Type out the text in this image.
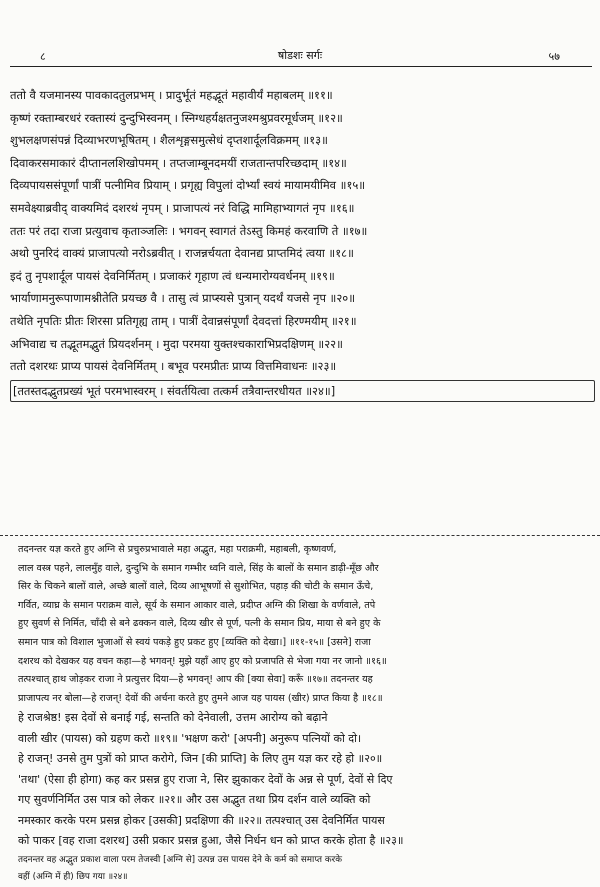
८	षोडशः सर्गः	५७
ततो वै यजमानस्य पावकादतुलप्रभम् । प्रादुर्भूतं महद्भूतं महावीर्यं महाबलम् ॥११॥
कृष्णं रक्ताम्बरधरं रक्तास्यं दुन्दुभिस्वनम् । स्निग्धहर्यक्षतनुजश्मश्रुप्रवरमूर्धजम् ॥१२॥
शुभलक्षणसंपन्नं दिव्याभरणभूषितम् । शैलशृङ्गसमुत्सेधं दृप्तशार्दूलविक्रमम् ॥१३॥
दिवाकरसमाकारं दीप्तानलशिखोपमम् । तप्तजाम्बूनदमयीं राजतान्तपरिच्छदाम् ॥१४॥
दिव्यपायससंपूर्णां पात्रीं पत्नीमिव प्रियाम् । प्रगृह्य विपुलां दोर्भ्यां स्वयं मायामयीमिव ॥१५॥
समवेक्ष्याब्रवीद् वाक्यमिदं दशरथं नृपम् । प्राजापत्यं नरं विद्धि मामिहाभ्यागतं नृप ॥१६॥
ततः परं तदा राजा प्रत्युवाच कृताञ्जलिः । भगवन् स्वागतं तेऽस्तु किमहं करवाणि ते ॥१७॥
अथो पुनरिदं वाक्यं प्राजापत्यो नरोऽब्रवीत् । राजन्नर्चयता देवानद्य प्राप्तमिदं त्वया ॥१८॥
इदं तु नृपशार्दूल पायसं देवनिर्मितम् । प्रजाकरं गृहाण त्वं धन्यमारोग्यवर्धनम् ॥१९॥
भार्याणामनुरूपाणामश्नीतेति प्रयच्छ वै । तासु त्वं प्राप्स्यसे पुत्रान् यदर्थं यजसे नृप ॥२०॥
तथेति नृपतिः प्रीतः शिरसा प्रतिगृह्य ताम् । पात्रीं देवान्नसंपूर्णां देवदत्तां हिरण्मयीम् ॥२१॥
अभिवाद्य च तद्भूतमद्भुतं प्रियदर्शनम् । मुदा परमया युक्तश्चकाराभिप्रदक्षिणम् ॥२२॥
ततो दशरथः प्राप्य पायसं देवनिर्मितम् । बभूव परमप्रीतः प्राप्य वित्तमिवाधनः ॥२३॥
[ततस्तदद्भुतप्रख्यं भूतं परमभास्वरम् । संवर्तयित्वा तत्कर्म तत्रैवान्तरधीयत ॥२४॥]
तदनन्तर यज्ञ करते हुए अग्नि से प्रचुरुप्रभावाले महा अद्भुत, महा पराक्रमी, महाबली, कृष्णवर्ण,
लाल वस्त्र पहने, लालमुँह वाले, दुन्दुभि के समान गम्भीर ध्वनि वाले, सिंह के बालों के समान डाढ़ी-मूँछ और
सिर के चिकने बालों वाले, अच्छे बालों वाले, दिव्य आभूषणों से सुशोभित, पहाड़ की चोटी के समान ऊँचे,
गर्वित, व्याघ्र के समान पराक्रम वाले, सूर्य के समान आकार वाले, प्रदीप्त अग्नि की शिखा के वर्णवाले, तपे
हुए सुवर्ण से निर्मित, चाँदी से बने ढक्कन वाले, दिव्य खीर से पूर्ण, पत्नी के समान प्रिय, माया से बने हुए के
समान पात्र को विशाल भुजाओं से स्वयं पकड़े हुए प्रकट हुए [व्यक्ति को देखा।] ॥११-१५॥ [उसने] राजा
दशरथ को देखकर यह वचन कहा—हे भगवन्! मुझे यहाँ आए हुए को प्रजापति से भेजा गया नर जानो ॥१६॥
तत्पश्चात् हाथ जोड़कर राजा ने प्रत्युत्तर दिया—हे भगवन्! आप की [क्या सेवा] करूँ ॥१७॥ तदनन्तर यह
प्राजापत्य नर बोला—हे राजन्! देवों की अर्चना करते हुए तुमने आज यह पायस (खीर) प्राप्त किया है ॥१८॥
हे राजश्रेष्ठ! इस देवों से बनाई गई, सन्तति को देनेवाली, उत्तम आरोग्य को बढ़ाने
वाली खीर (पायस) को ग्रहण करो ॥१९॥ 'भक्षण करो' [अपनी] अनुरूप पत्नियों को दो।
हे राजन्! उनसे तुम पुत्रों को प्राप्त करोगे, जिन [की प्राप्ति] के लिए तुम यज्ञ कर रहे हो ॥२०॥
'तथा' (ऐसा ही होगा) कह कर प्रसन्न हुए राजा ने, सिर झुकाकर देवों के अन्न से पूर्ण, देवों से दिए
गए सुवर्णनिर्मित उस पात्र को लेकर ॥२१॥ और उस अद्भुत तथा प्रिय दर्शन वाले व्यक्ति को
नमस्कार करके परम प्रसन्न होकर [उसकी] प्रदक्षिणा की ॥२२॥ तत्पश्चात् उस देवनिर्मित पायस
को पाकर [वह राजा दशरथ] उसी प्रकार प्रसन्न हुआ, जैसे निर्धन धन को प्राप्त करके होता है ॥२३॥
तदनन्तर वह अद्भुत प्रकाश वाला परम तेजस्वी [अग्नि से] उत्पन्न उस पायस देने के कर्म को समाप्त करके
वहीं (अग्नि में ही) छिप गया ॥२४॥
